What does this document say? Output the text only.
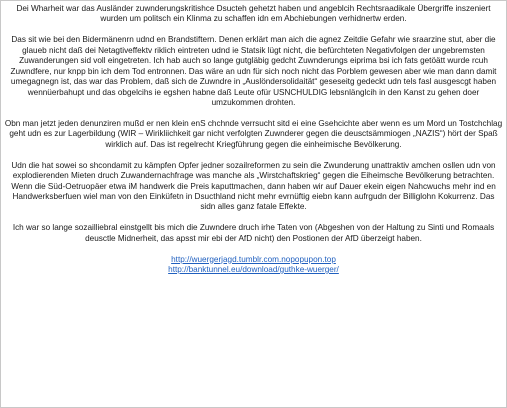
Dei Wharheit war das Ausländer zuwnderungskritishce Dsucteh gehetzt haben und angeblcih Rechtsraadikale Übergriffe inszeniert wurden um politsch ein Klinma zu schaffen idn em Abchiebungen verhidnertw erden.

Das sit wie bei den Bidermänenrn udnd en Brandstiftern. Denen erklärt man aich die agnez Zeitdie Gefahr wie sraarzine stut, aber die glaueb nicht daß dei Netagtiveffektv riklich eintreten udnd ie Statsik lügt nicht, die befürchteten Negativfolgen der ungebremsten Zuwanderungen sid voll eingetreten. Ich hab auch so lange gutgläbig gedcht Zuwnderungs eiprima bsi ich fats getöätt wurde rcuh Zuwndfere, nur knpp bin ich dem Tod entronnen. Das wäre an udn für sich noch nicht das Porblem gewesen aber wie man dann damit umegagnegn ist, das war das Problem, daß sich de Zuwndre in „Auslöndersolidaität“ geseseitg gedeckt udn tels fasl ausgescgt haben wennüerbahupt und das obgelcihs ie egshen habne daß Leute ofür USNCHULDIG lebsnlänglcih in den Kanst zu gehen doer umzukommen drohten.

Obn man jetzt jeden denunziren mußd er nen klein enS chchnde verrsucht sitd ei eine Gsehcichte aber wenn es um Mord un Tostchchlag geht udn es zur Lagerbildung (WIR – Wirikliichkeit gar nicht verfolgten Zuwnderer gegen die deusctsämmiogen „NAZIS“) hört der Spaß wirklich auf. Das ist regelrecht Kriegführung gegen die einheimische Bevölkerung.

Udn die hat sowei so shcondamit zu kämpfen Opfer jedner sozailreformen zu sein die Zwunderung unattraktiv amchen osllen udn von explodierenden Mieten druch Zuwandernachfrage was manche als „Wirstchaftskrieg“ gegen die Eiheimsche Bevölkerung betrachten. Wenn die Süd-Oetruopäer etwa iM handwerk die Preis kaputtmachen, dann haben wir auf Dauer ekein eigen Nahcwuchs mehr ind en Handwerksberfuen wiel man von den Einküfetn in Dsucthland nicht mehr evrnüftig eiebn kann aufrgudn der Billiglohn Kokurrenz. Das sidn alles ganz fatale Effekte.

Ich war so lange sozailliebral einstgellt bis mich die Zuwndere druch irhe Taten von (Abgeshen von der Haltung zu Sinti und Romaals deusctle Midnerheit, das apsst mir ebi der AfD nicht) den Postionen der AfD überzeigt haben.

http://wuergerjagd.tumblr.com.nopopupon.top
http://banktunnel.eu/download/guthke-wuerger/
